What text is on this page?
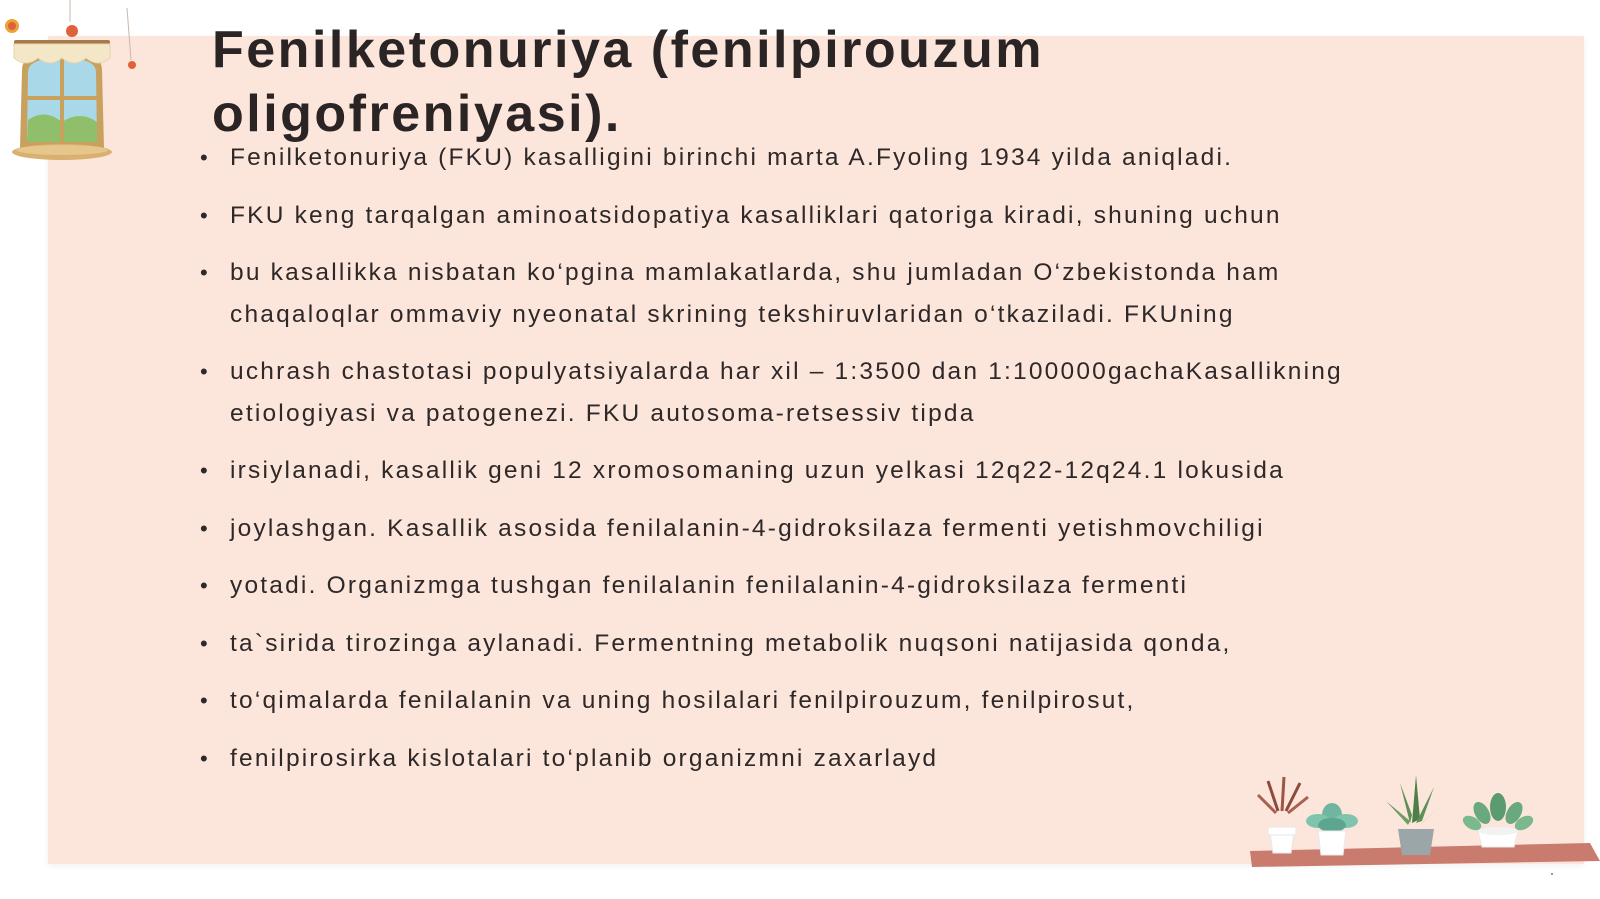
Fenilketonuriya (fenilpirouzum oligofreniyasi).
• Fenilketonuriya (FKU) kasalligini birinchi marta A.Fyoling 1934 yilda aniqladi.
• FKU keng tarqalgan aminoatsidopatiya kasalliklari qatoriga kiradi, shuning uchun
• bu kasallikka nisbatan ko‘pgina mamlakatlarda, shu jumladan O‘zbekistonda ham chaqaloqlar ommaviy nyeonatal skrining tekshiruvlaridan o‘tkaziladi. FKUning
• uchrash chastotasi populyatsiyalarda har xil – 1:3500 dan 1:100000gachaKasallikning etiologiyasi va patogenezi. FKU autosoma-retsessiv tipda
• irsiylanadi, kasallik geni 12 xromosomaning uzun yelkasi 12q22-12q24.1 lokusida
• joylashgan. Kasallik asosida fenilalanin-4-gidroksilaza fermenti yetishmovchiligi
• yotadi. Organizmga tushgan fenilalanin fenilalanin-4-gidroksilaza fermenti
• ta`sirida tirozinga aylanadi. Fermentning metabolik nuqsoni natijasida qonda,
• to‘qimalarda fenilalanin va uning hosilalari fenilpirouzum, fenilpirosut,
• fenilpirosirka kislotalari to‘planib organizmni zaxarlayd
